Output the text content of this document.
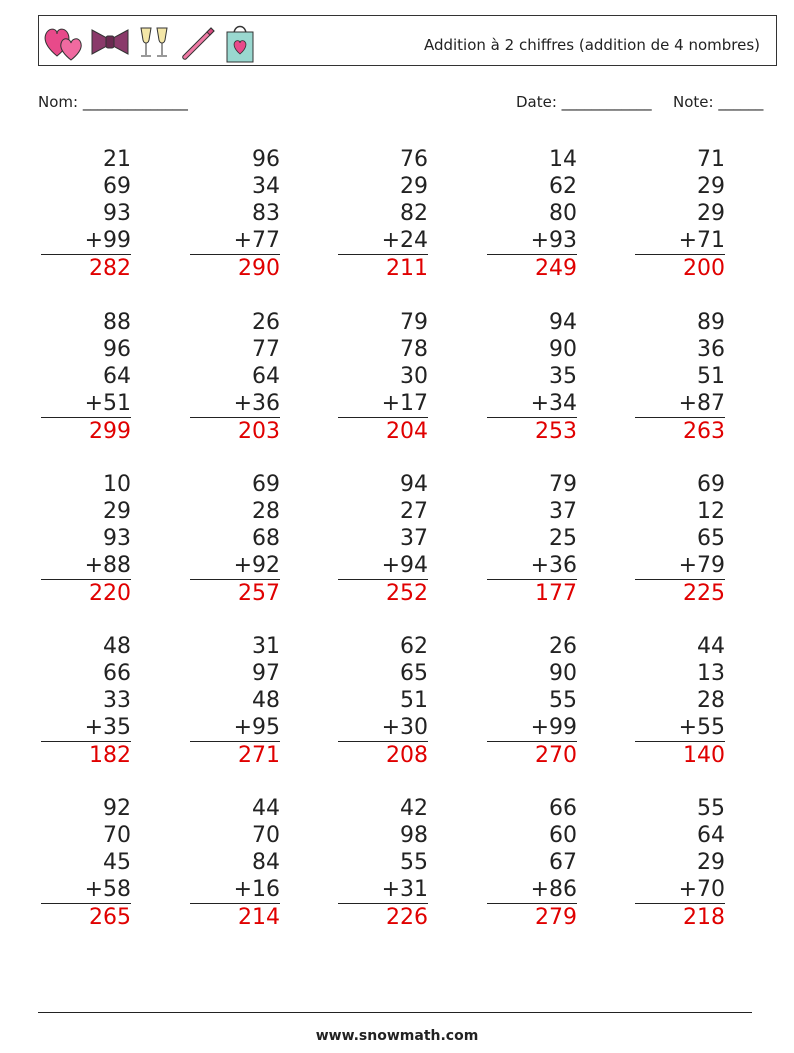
Addition à 2 chiffres (addition de 4 nombres)
Nom: ______________	Date: ____________ Note: ______
21
69
93
+99
282
96
34
83
+77
290
76
29
82
+24
211
14
62
80
+93
249
71
29
29
+71
200
88
96
64
+51
299
26
77
64
+36
203
79
78
30
+17
204
94
90
35
+34
253
89
36
51
+87
263
10
29
93
+88
220
69
28
68
+92
257
94
27
37
+94
252
79
37
25
+36
177
69
12
65
+79
225
48
66
33
+35
182
31
97
48
+95
271
62
65
51
+30
208
26
90
55
+99
270
44
13
28
+55
140
92
70
45
+58
265
44
70
84
+16
214
42
98
55
+31
226
66
60
67
+86
279
55
64
29
+70
218
www.snowmath.com
